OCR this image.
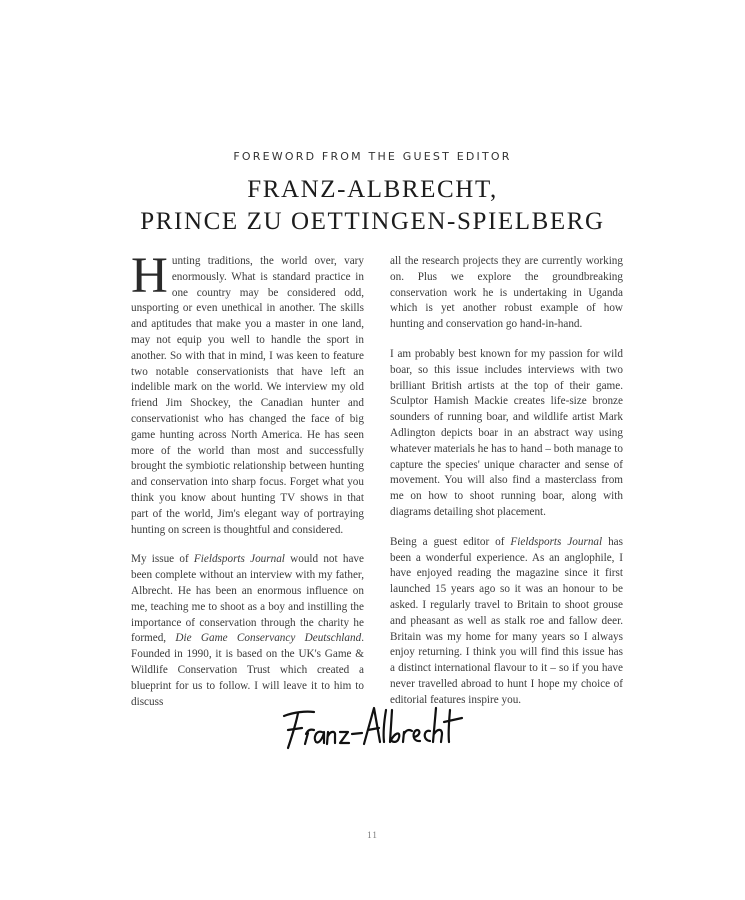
FOREWORD FROM THE GUEST EDITOR
FRANZ-ALBRECHT,
PRINCE ZU OETTINGEN-SPIELBERG

Hunting traditions, the world over, vary enormously. What is standard practice in one country may be considered odd, unsporting or even unethical in another. The skills and aptitudes that make you a master in one land, may not equip you well to handle the sport in another. So with that in mind, I was keen to feature two notable conservationists that have left an indelible mark on the world. We interview my old friend Jim Shockey, the Canadian hunter and conservationist who has changed the face of big game hunting across North America. He has seen more of the world than most and successfully brought the symbiotic relationship between hunting and conservation into sharp focus. Forget what you think you know about hunting TV shows in that part of the world, Jim's elegant way of portraying hunting on screen is thoughtful and considered.

My issue of Fieldsports Journal would not have been complete without an interview with my father, Albrecht. He has been an enormous influence on me, teaching me to shoot as a boy and instilling the importance of conservation through the charity he formed, Die Game Conservancy Deutschland. Founded in 1990, it is based on the UK's Game & Wildlife Conservation Trust which created a blueprint for us to follow. I will leave it to him to discuss

all the research projects they are currently working on. Plus we explore the groundbreaking conservation work he is undertaking in Uganda which is yet another robust example of how hunting and conservation go hand-in-hand.

I am probably best known for my passion for wild boar, so this issue includes interviews with two brilliant British artists at the top of their game. Sculptor Hamish Mackie creates life-size bronze sounders of running boar, and wildlife artist Mark Adlington depicts boar in an abstract way using whatever materials he has to hand – both manage to capture the species' unique character and sense of movement. You will also find a masterclass from me on how to shoot running boar, along with diagrams detailing shot placement.

Being a guest editor of Fieldsports Journal has been a wonderful experience. As an anglophile, I have enjoyed reading the magazine since it first launched 15 years ago so it was an honour to be asked. I regularly travel to Britain to shoot grouse and pheasant as well as stalk roe and fallow deer. Britain was my home for many years so I always enjoy returning. I think you will find this issue has a distinct international flavour to it – so if you have never travelled abroad to hunt I hope my choice of editorial features inspire you.

11
